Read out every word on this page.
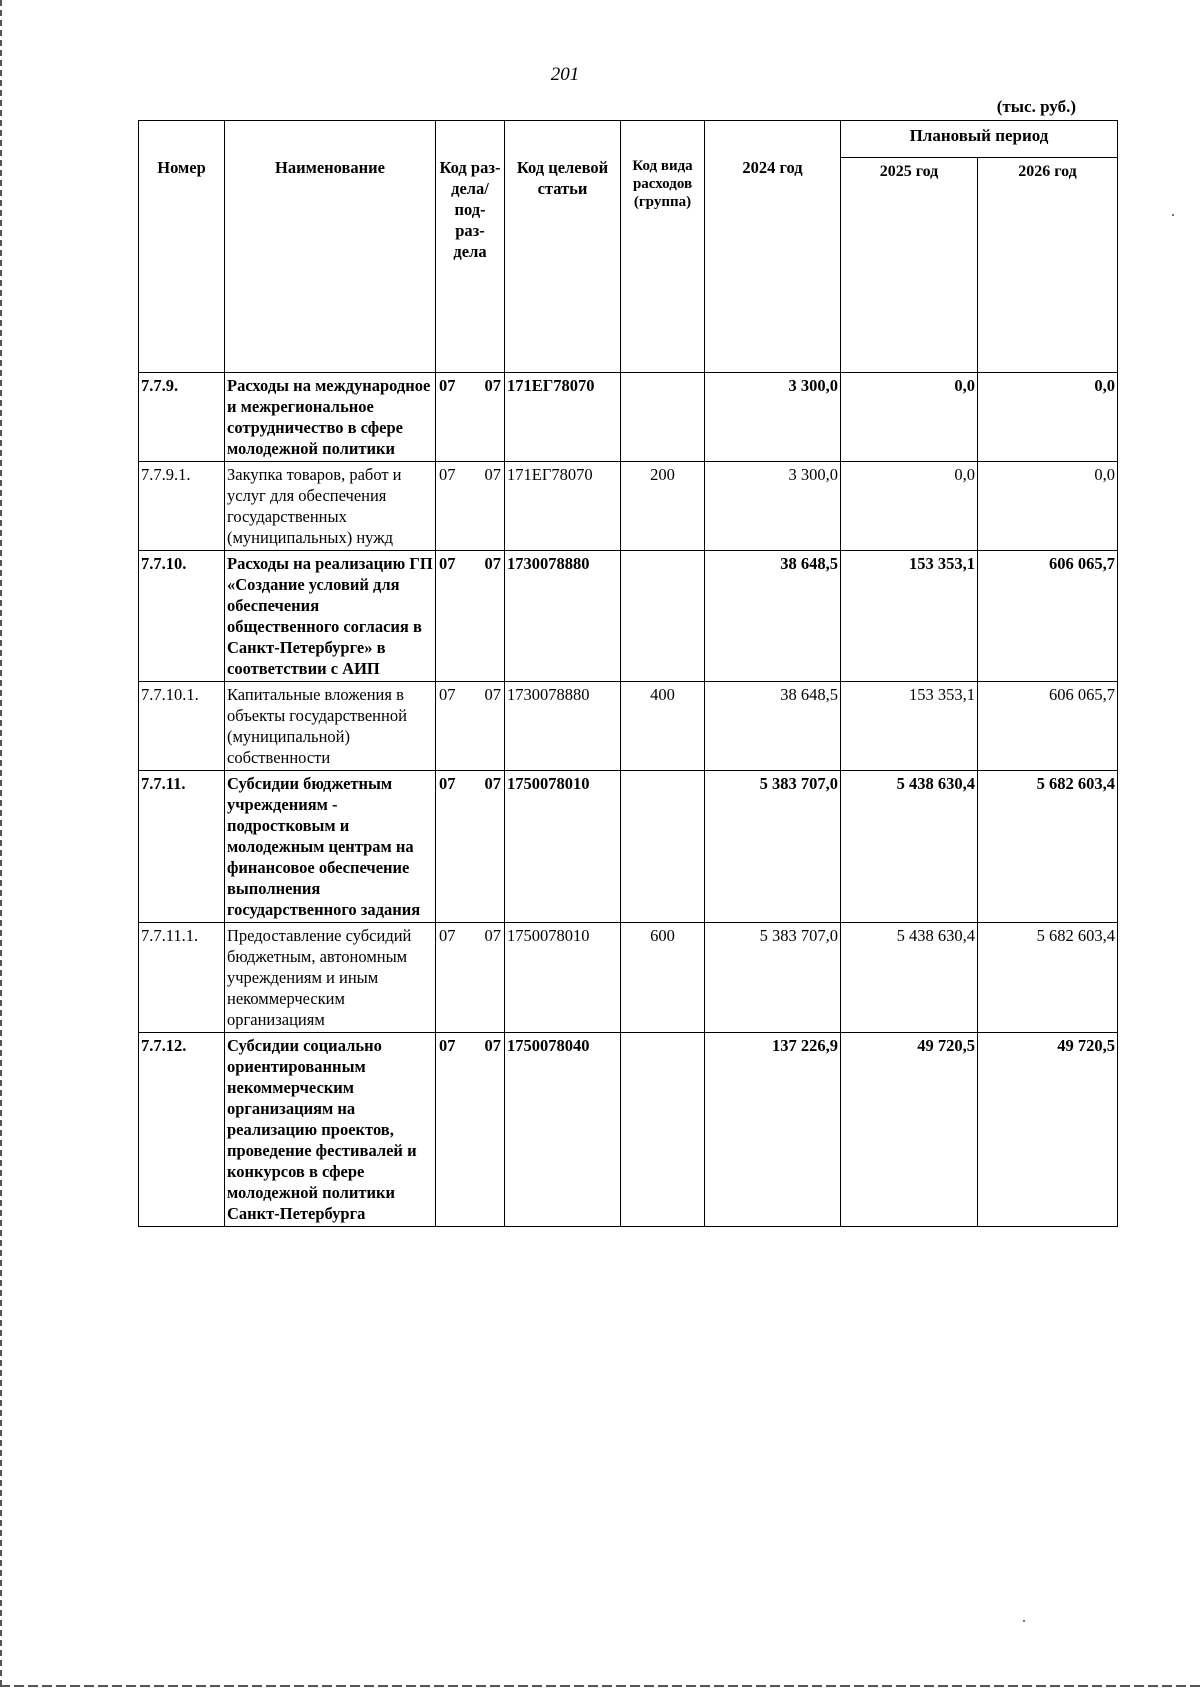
201
(тыс. руб.)
Номер	Наименование	Код раз- дела/ под- раз- дела	Код целевой статьи	Код вида расходов (группа)	2024 год	Плановый период	
						2025 год	2026 год
7.7.9.	Расходы на международное и межрегиональное сотрудничество в сфере молодежной политики	07 07	171ЕГ78070		3 300,0	0,0	0,0
7.7.9.1.	Закупка товаров, работ и услуг для обеспечения государственных (муниципальных) нужд	07 07	171ЕГ78070	200	3 300,0	0,0	0,0
7.7.10.	Расходы на реализацию ГП «Создание условий для обеспечения общественного согласия в Санкт-Петербурге» в соответствии с АИП	07 07	1730078880		38 648,5	153 353,1	606 065,7
7.7.10.1.	Капитальные вложения в объекты государственной (муниципальной) собственности	07 07	1730078880	400	38 648,5	153 353,1	606 065,7
7.7.11.	Субсидии бюджетным учреждениям - подростковым и молодежным центрам на финансовое обеспечение выполнения государственного задания	07 07	1750078010		5 383 707,0	5 438 630,4	5 682 603,4
7.7.11.1.	Предоставление субсидий бюджетным, автономным учреждениям и иным некоммерческим организациям	07 07	1750078010	600	5 383 707,0	5 438 630,4	5 682 603,4
7.7.12.	Субсидии социально ориентированным некоммерческим организациям на реализацию проектов, проведение фестивалей и конкурсов в сфере молодежной политики Санкт-Петербурга	07 07	1750078040		137 226,9	49 720,5	49 720,5
